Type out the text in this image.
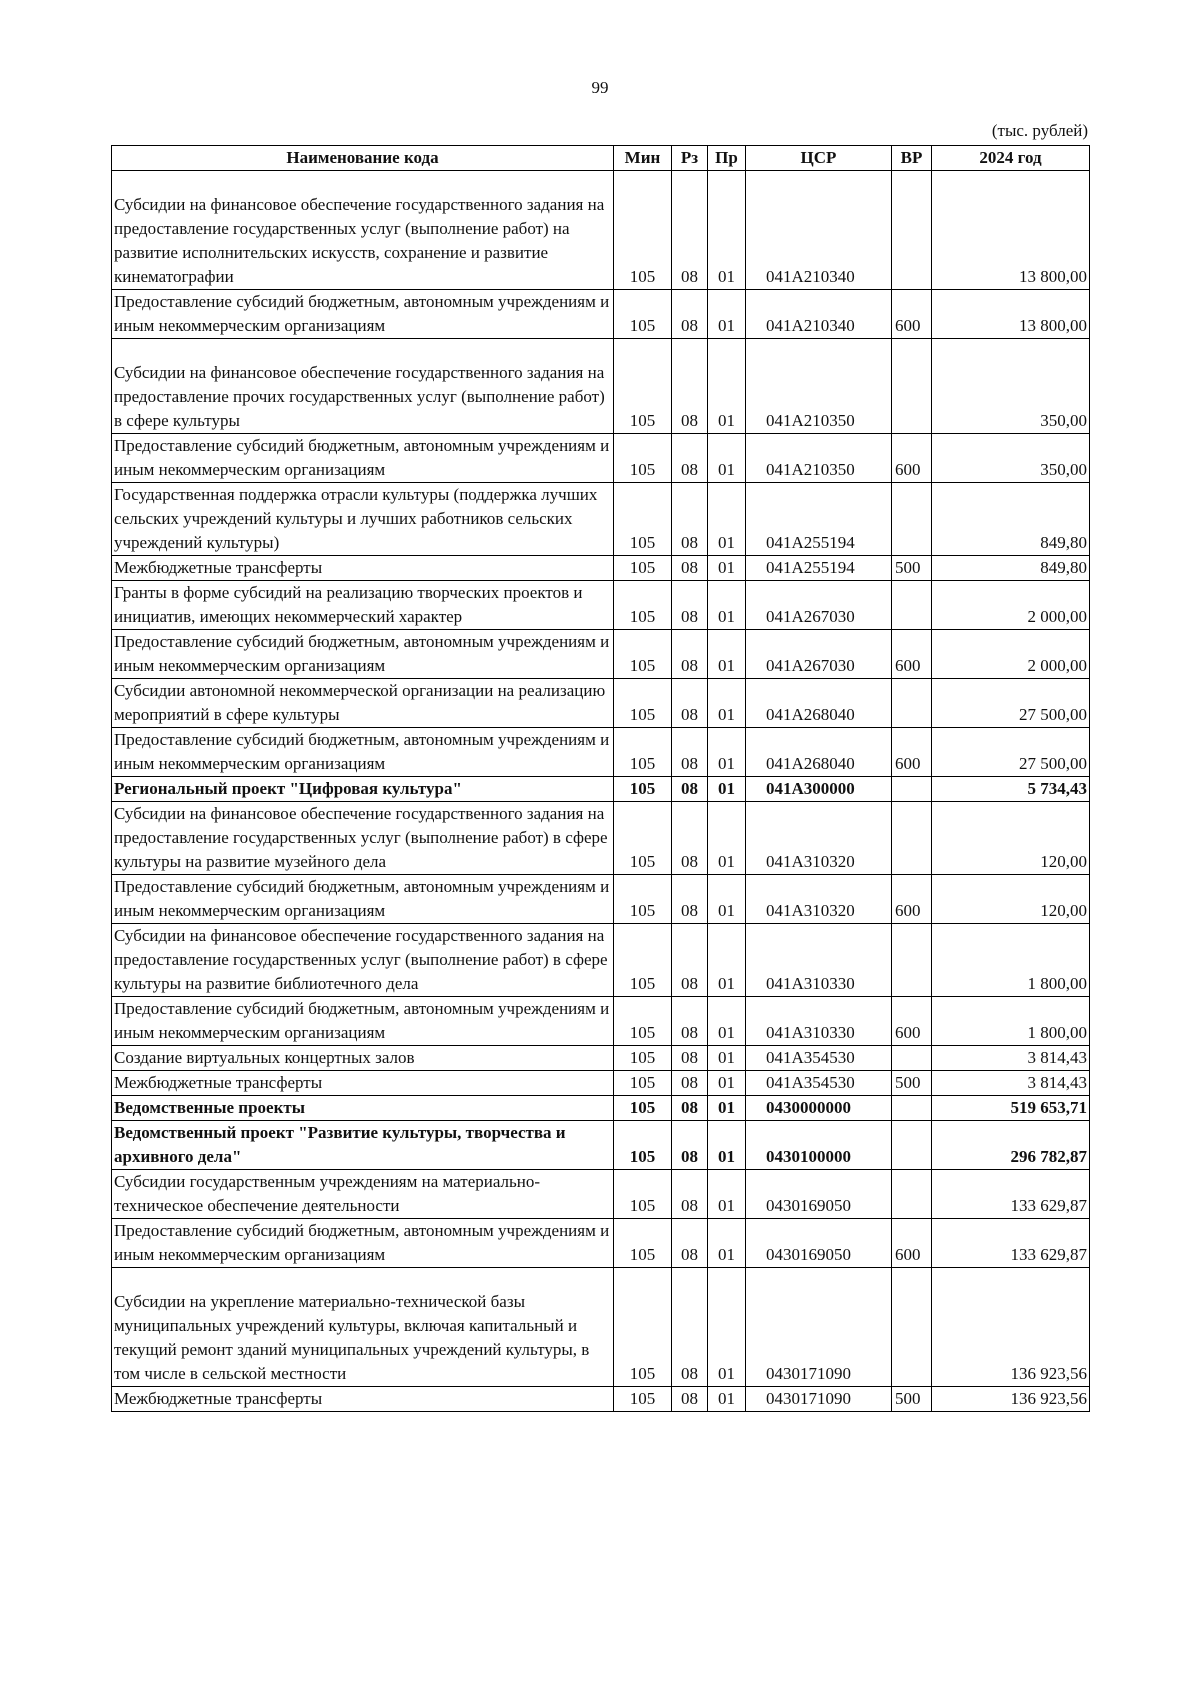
99
(тыс. рублей)
Наименование кода	Мин	Рз	Пр	ЦСР	ВР	2024 год
Субсидии на финансовое обеспечение государственного задания на предоставление государственных услуг (выполнение работ) на развитие исполнительских искусств, сохранение и развитие кинематографии	105	08	01	041A210340		13 800,00
Предоставление субсидий бюджетным, автономным учреждениям и иным некоммерческим организациям	105	08	01	041A210340	600	13 800,00
Субсидии на финансовое обеспечение государственного задания на предоставление прочих государственных услуг (выполнение работ) в сфере культуры	105	08	01	041A210350		350,00
Предоставление субсидий бюджетным, автономным учреждениям и иным некоммерческим организациям	105	08	01	041A210350	600	350,00
Государственная поддержка отрасли культуры (поддержка лучших сельских учреждений культуры и лучших работников сельских учреждений культуры)	105	08	01	041A255194		849,80
Межбюджетные трансферты	105	08	01	041A255194	500	849,80
Гранты в форме субсидий на реализацию творческих проектов и инициатив, имеющих некоммерческий характер	105	08	01	041A267030		2 000,00
Предоставление субсидий бюджетным, автономным учреждениям и иным некоммерческим организациям	105	08	01	041A267030	600	2 000,00
Субсидии автономной некоммерческой организации на реализацию мероприятий в сфере культуры	105	08	01	041A268040		27 500,00
Предоставление субсидий бюджетным, автономным учреждениям и иным некоммерческим организациям	105	08	01	041A268040	600	27 500,00
Региональный проект "Цифровая культура"	105	08	01	041A300000		5 734,43
Субсидии на финансовое обеспечение государственного задания на предоставление государственных услуг (выполнение работ) в сфере культуры на развитие музейного дела	105	08	01	041A310320		120,00
Предоставление субсидий бюджетным, автономным учреждениям и иным некоммерческим организациям	105	08	01	041A310320	600	120,00
Субсидии на финансовое обеспечение государственного задания на предоставление государственных услуг (выполнение работ) в сфере культуры на развитие библиотечного дела	105	08	01	041A310330		1 800,00
Предоставление субсидий бюджетным, автономным учреждениям и иным некоммерческим организациям	105	08	01	041A310330	600	1 800,00
Создание виртуальных концертных залов	105	08	01	041A354530		3 814,43
Межбюджетные трансферты	105	08	01	041A354530	500	3 814,43
Ведомственные проекты	105	08	01	0430000000		519 653,71
Ведомственный проект "Развитие культуры, творчества и архивного дела"	105	08	01	0430100000		296 782,87
Субсидии государственным учреждениям на материально-техническое обеспечение деятельности	105	08	01	0430169050		133 629,87
Предоставление субсидий бюджетным, автономным учреждениям и иным некоммерческим организациям	105	08	01	0430169050	600	133 629,87
Субсидии на укрепление материально-технической базы муниципальных учреждений культуры, включая капитальный и текущий ремонт зданий муниципальных учреждений культуры, в том числе в сельской местности	105	08	01	0430171090		136 923,56
Межбюджетные трансферты	105	08	01	0430171090	500	136 923,56
